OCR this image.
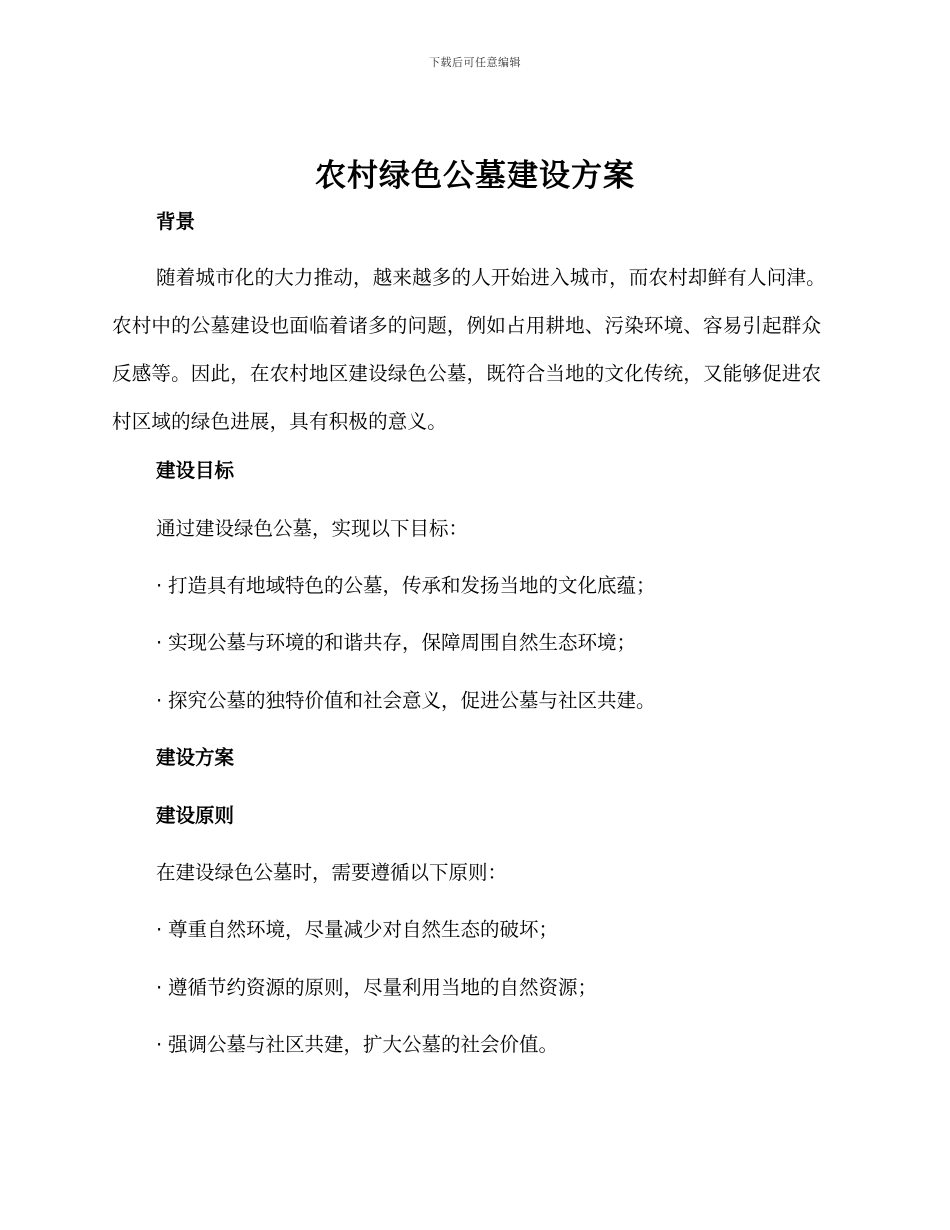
下载后可任意编辑
农村绿色公墓建设方案
背景

随着城市化的大力推动，越来越多的人开始进入城市，而农村却鲜有人问津。农村中的公墓建设也面临着诸多的问题，例如占用耕地、污染环境、容易引起群众反感等。因此，在农村地区建设绿色公墓，既符合当地的文化传统，又能够促进农村区域的绿色进展，具有积极的意义。

建设目标
通过建设绿色公墓，实现以下目标：
· 打造具有地域特色的公墓，传承和发扬当地的文化底蕴；
· 实现公墓与环境的和谐共存，保障周围自然生态环境；
· 探究公墓的独特价值和社会意义，促进公墓与社区共建。
建设方案
建设原则
在建设绿色公墓时，需要遵循以下原则：
· 尊重自然环境，尽量减少对自然生态的破坏；
· 遵循节约资源的原则，尽量利用当地的自然资源；
· 强调公墓与社区共建，扩大公墓的社会价值。
